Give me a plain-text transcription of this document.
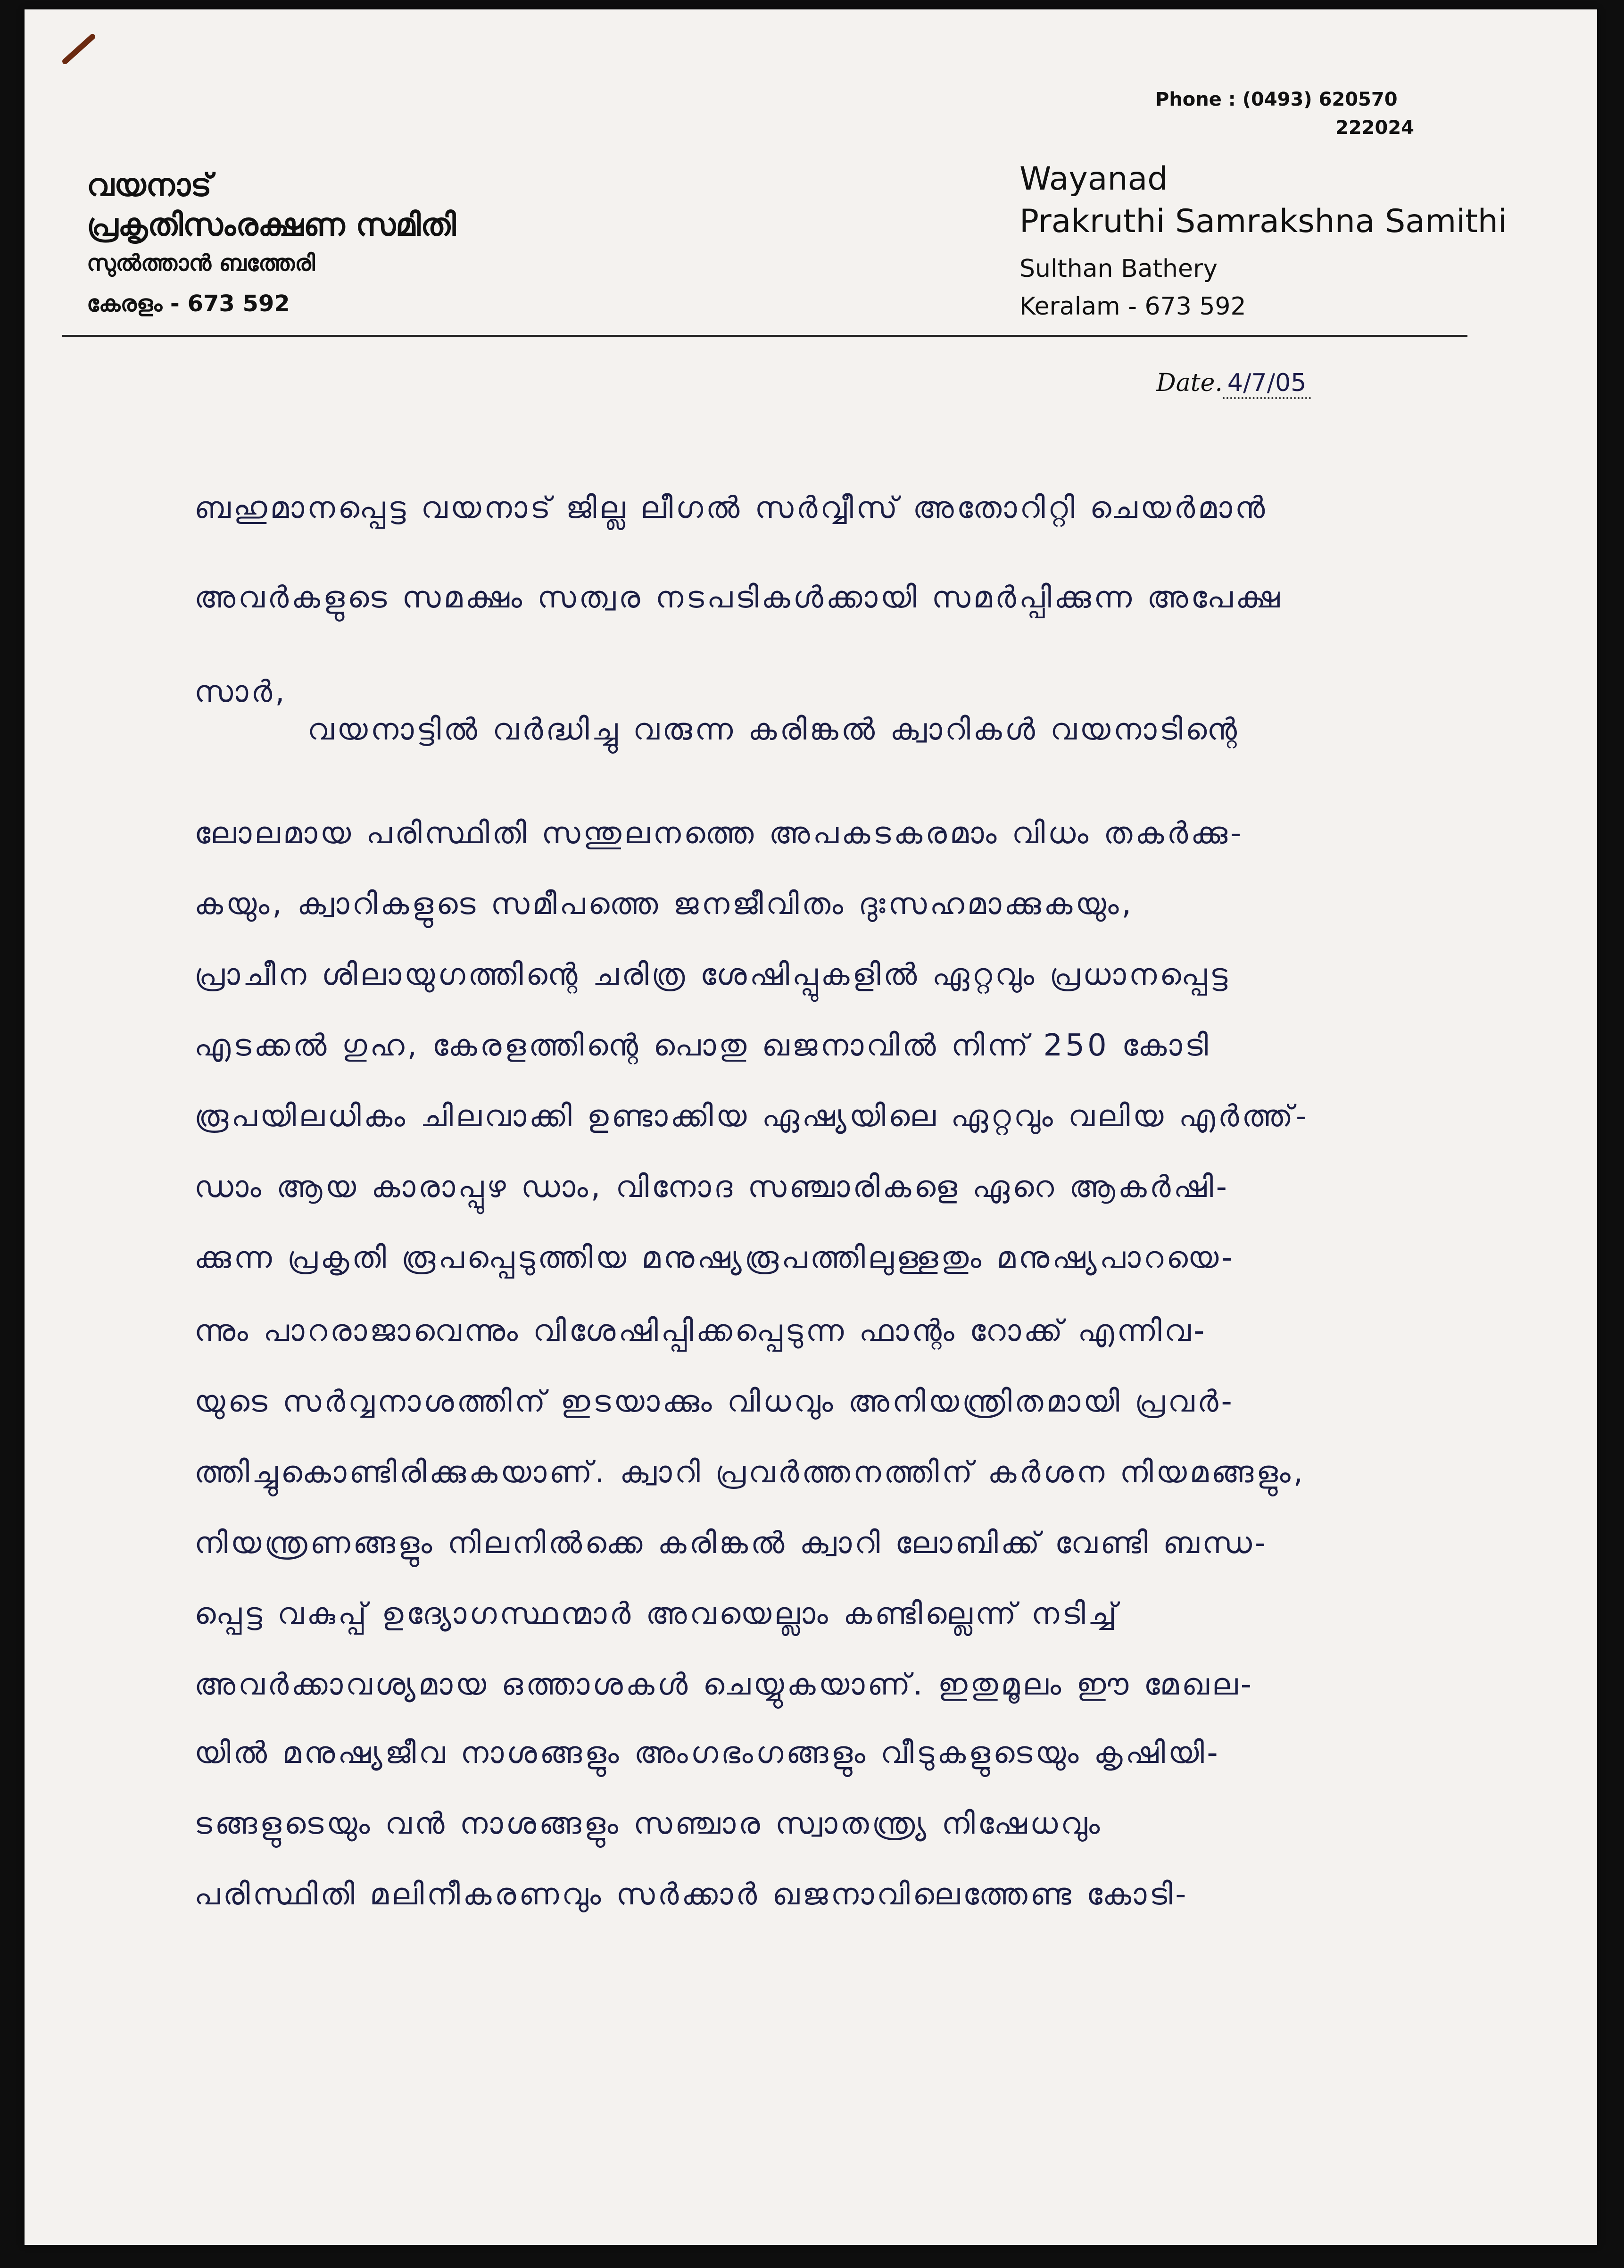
Phone : (0493) 620570
222024
വയനാട്
പ്രകൃതിസംരക്ഷണ സമിതി
സുൽത്താൻ ബത്തേരി
കേരളം - 673 592
Wayanad
Prakruthi Samrakshna Samithi
Sulthan Bathery
Keralam - 673 592
Date. 4/7/05
ബഹുമാനപ്പെട്ട വയനാട് ജില്ല ലീഗൽ സർവ്വീസ് അതോറിറ്റി ചെയർമാൻ
അവർകളുടെ സമക്ഷം സത്വര നടപടികൾക്കായി സമർപ്പിക്കുന്ന അപേക്ഷ
സാർ,
വയനാട്ടിൽ വർദ്ധിച്ചു വരുന്ന കരിങ്കൽ ക്വാറികൾ വയനാടിന്റെ
ലോലമായ പരിസ്ഥിതി സന്തുലനത്തെ അപകടകരമാം വിധം തകർക്കു-
കയും, ക്വാറികളുടെ സമീപത്തെ ജനജീവിതം ദുഃസഹമാക്കുകയും,
പ്രാചീന ശിലായുഗത്തിന്റെ ചരിത്ര ശേഷിപ്പുകളിൽ ഏറ്റവും പ്രധാനപ്പെട്ട
എടക്കൽ ഗുഹ, കേരളത്തിന്റെ പൊതു ഖജനാവിൽ നിന്ന് 250 കോടി
രൂപയിലധികം ചിലവാക്കി ഉണ്ടാക്കിയ ഏഷ്യയിലെ ഏറ്റവും വലിയ എർത്ത്-
ഡാം ആയ കാരാപ്പുഴ ഡാം, വിനോദ സഞ്ചാരികളെ ഏറെ ആകർഷി-
ക്കുന്ന പ്രകൃതി രൂപപ്പെടുത്തിയ മനുഷ്യരൂപത്തിലുള്ളതും മനുഷ്യപാറയെ-
ന്നും പാറരാജാവെന്നും വിശേഷിപ്പിക്കപ്പെടുന്ന ഫാന്റം റോക്ക് എന്നിവ-
യുടെ സർവ്വനാശത്തിന് ഇടയാക്കും വിധവും അനിയന്ത്രിതമായി പ്രവർ-
ത്തിച്ചുകൊണ്ടിരിക്കുകയാണ്. ക്വാറി പ്രവർത്തനത്തിന് കർശന നിയമങ്ങളും,
നിയന്ത്രണങ്ങളും നിലനിൽക്കെ കരിങ്കൽ ക്വാറി ലോബിക്ക് വേണ്ടി ബന്ധ-
പ്പെട്ട വകുപ്പ് ഉദ്യോഗസ്ഥന്മാർ അവയെല്ലാം കണ്ടില്ലെന്ന് നടിച്ച്
അവർക്കാവശ്യമായ ഒത്താശകൾ ചെയ്യുകയാണ്. ഇതുമൂലം ഈ മേഖല-
യിൽ മനുഷ്യജീവ നാശങ്ങളും അംഗഭംഗങ്ങളും വീടുകളുടെയും കൃഷിയി-
ടങ്ങളുടെയും വൻ നാശങ്ങളും സഞ്ചാര സ്വാതന്ത്ര്യ നിഷേധവും
പരിസ്ഥിതി മലിനീകരണവും സർക്കാർ ഖജനാവിലെത്തേണ്ട കോടി-
